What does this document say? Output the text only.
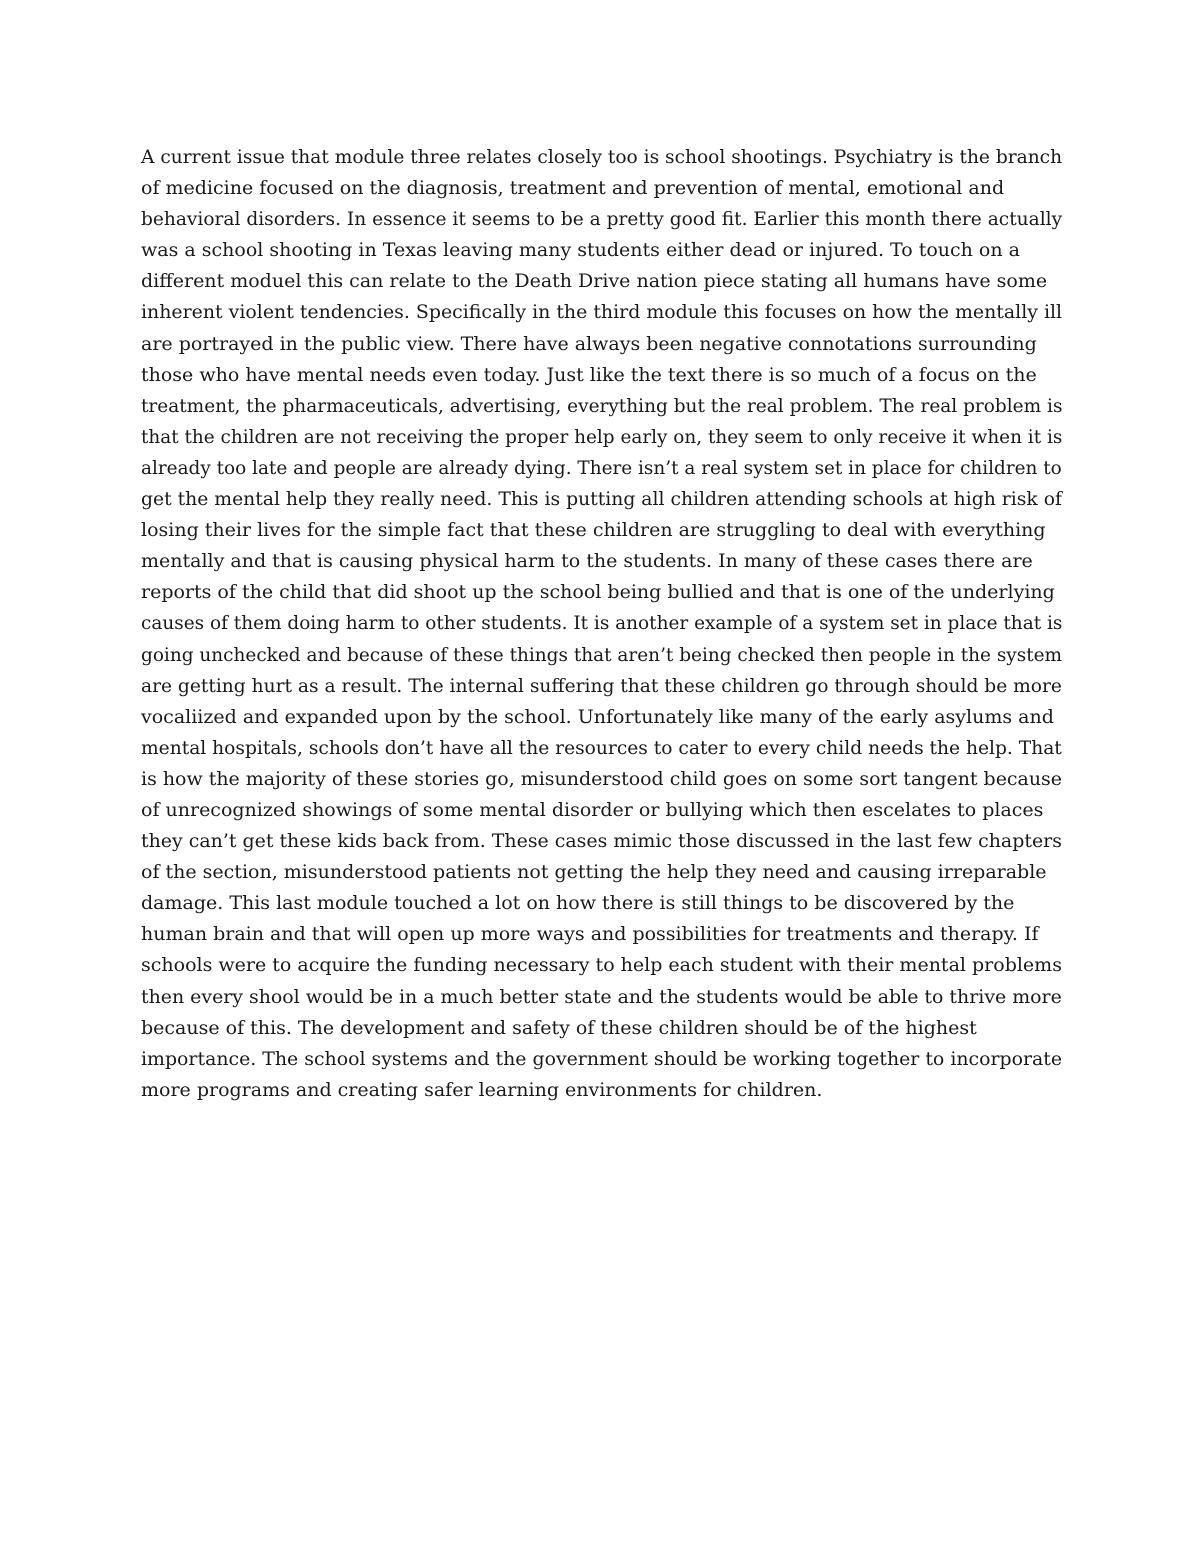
A current issue that module three relates closely too is school shootings. Psychiatry is the branch
of medicine focused on the diagnosis, treatment and prevention of mental, emotional and
behavioral disorders. In essence it seems to be a pretty good fit. Earlier this month there actually
was a school shooting in Texas leaving many students either dead or injured. To touch on a
different moduel this can relate to the Death Drive nation piece stating all humans have some
inherent violent tendencies. Specifically in the third module this focuses on how the mentally ill
are portrayed in the public view. There have always been negative connotations surrounding
those who have mental needs even today. Just like the text there is so much of a focus on the
treatment, the pharmaceuticals, advertising, everything but the real problem. The real problem is
that the children are not receiving the proper help early on, they seem to only receive it when it is
already too late and people are already dying. There isn’t a real system set in place for children to
get the mental help they really need. This is putting all children attending schools at high risk of
losing their lives for the simple fact that these children are struggling to deal with everything
mentally and that is causing physical harm to the students. In many of these cases there are
reports of the child that did shoot up the school being bullied and that is one of the underlying
causes of them doing harm to other students. It is another example of a system set in place that is
going unchecked and because of these things that aren’t being checked then people in the system
are getting hurt as a result. The internal suffering that these children go through should be more
vocaliized and expanded upon by the school. Unfortunately like many of the early asylums and
mental hospitals, schools don’t have all the resources to cater to every child needs the help. That
is how the majority of these stories go, misunderstood child goes on some sort tangent because
of unrecognized showings of some mental disorder or bullying which then escelates to places
they can’t get these kids back from. These cases mimic those discussed in the last few chapters
of the section, misunderstood patients not getting the help they need and causing irreparable
damage. This last module touched a lot on how there is still things to be discovered by the
human brain and that will open up more ways and possibilities for treatments and therapy. If
schools were to acquire the funding necessary to help each student with their mental problems
then every shool would be in a much better state and the students would be able to thrive more
because of this. The development and safety of these children should be of the highest
importance. The school systems and the government should be working together to incorporate
more programs and creating safer learning environments for children.
